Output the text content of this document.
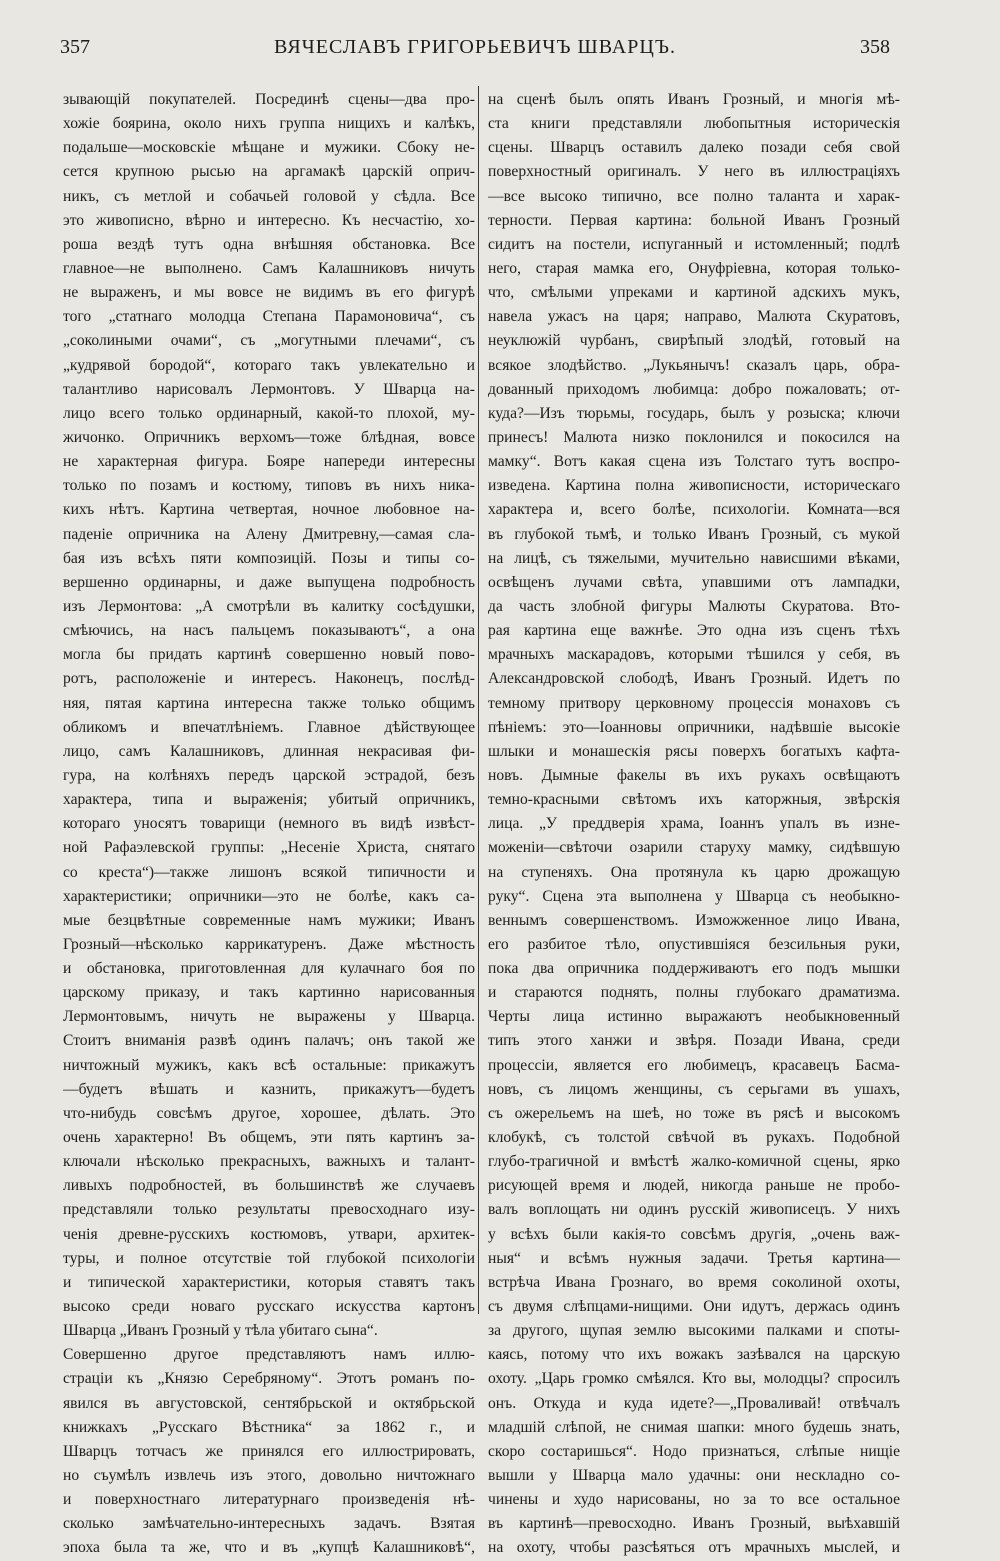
357	ВЯЧЕСЛАВЪ ГРИГОРЬЕВИЧЪ ШВАРЦЪ.	358
зывающій покупателей. Посрединѣ сцены—два про-
хожіе боярина, около нихъ группа нищихъ и калѣкъ,
подальше—московскіе мѣщане и мужики. Сбоку не-
сется крупною рысью на аргамакѣ царскій оприч-
никъ, съ метлой и собачьей головой у сѣдла. Все
это живописно, вѣрно и интересно. Къ несчастію, хо-
роша вездѣ тутъ одна внѣшняя обстановка. Все
главное—не выполнено. Самъ Калашниковъ ничуть
не выраженъ, и мы вовсе не видимъ въ его фигурѣ
того „статнаго молодца Степана Парамоновича“, съ
„соколиными очами“, съ „могутными плечами“, съ
„кудрявой бородой“, котораго такъ увлекательно и
талантливо нарисовалъ Лермонтовъ. У Шварца на-
лицо всего только ординарный, какой-то плохой, му-
жичонко. Опричникъ верхомъ—тоже блѣдная, вовсе
не характерная фигура. Бояре напереди интересны
только по позамъ и костюму, типовъ въ нихъ ника-
кихъ нѣтъ. Картина четвертая, ночное любовное на-
паденіе опричника на Алену Дмитревну,—самая сла-
бая изъ всѣхъ пяти композицій. Позы и типы со-
вершенно ординарны, и даже выпущена подробность
изъ Лермонтова: „А смотрѣли въ калитку сосѣдушки,
смѣючись, на насъ пальцемъ показываютъ“, а она
могла бы придать картинѣ совершенно новый пово-
ротъ, расположеніе и интересъ. Наконецъ, послѣд-
няя, пятая картина интересна также только общимъ
обликомъ и впечатлѣніемъ. Главное дѣйствующее
лицо, самъ Калашниковъ, длинная некрасивая фи-
гура, на колѣняхъ передъ царской эстрадой, безъ
характера, типа и выраженія; убитый опричникъ,
котораго уносятъ товарищи (немного въ видѣ извѣст-
ной Рафаэлевской группы: „Несеніе Христа, снятаго
со креста“)—также лишонъ всякой типичности и
характеристики; опричники—это не болѣе, какъ са-
мые безцвѣтные современные намъ мужики; Иванъ
Грозный—нѣсколько каррикатуренъ. Даже мѣстность
и обстановка, приготовленная для кулачнаго боя по
царскому приказу, и такъ картинно нарисованныя
Лермонтовымъ, ничуть не выражены у Шварца.
Стоитъ вниманія развѣ одинъ палачъ; онъ такой же
ничтожный мужикъ, какъ всѣ остальные: прикажутъ
—будетъ вѣшать и казнить, прикажутъ—будетъ
что-нибудь совсѣмъ другое, хорошее, дѣлать. Это
очень характерно! Въ общемъ, эти пять картинъ за-
ключали нѣсколько прекрасныхъ, важныхъ и талант-
ливыхъ подробностей, въ большинствѣ же случаевъ
представляли только результаты превосходнаго изу-
ченія древне-русскихъ костюмовъ, утвари, архитек-
туры, и полное отсутствіе той глубокой психологіи
и типической характеристики, которыя ставятъ такъ
высоко среди новаго русскаго искусства картонъ
Шварца „Иванъ Грозный у тѣла убитаго сына“.
Совершенно другое представляютъ намъ иллю-
страціи къ „Князю Серебряному“. Этотъ романъ по-
явился въ августовской, сентябрьской и октябрьской
книжкахъ „Русскаго Вѣстника“ за 1862 г., и
Шварцъ тотчасъ же принялся его иллюстрировать,
но съумѣлъ извлечь изъ этого, довольно ничтожнаго
и поверхностнаго литературнаго произведенія нѣ-
сколько замѣчательно-интересныхъ задачъ. Взятая
эпоха была та же, что и въ „купцѣ Калашниковѣ“,
на сценѣ былъ опять Иванъ Грозный, и многія мѣ-
ста книги представляли любопытныя историческія
сцены. Шварцъ оставилъ далеко позади себя свой
поверхностный оригиналъ. У него въ иллюстраціяхъ
—все высоко типично, все полно таланта и харак-
терности. Первая картина: больной Иванъ Грозный
сидитъ на постели, испуганный и истомленный; подлѣ
него, старая мамка его, Онуфріевна, которая только-
что, смѣлыми упреками и картиной адскихъ мукъ,
навела ужасъ на царя; направо, Малюта Скуратовъ,
неуклюжій чурбанъ, свирѣпый злодѣй, готовый на
всякое злодѣйство. „Лукьянычъ! сказалъ царь, обра-
дованный приходомъ любимца: добро пожаловать; от-
куда?—Изъ тюрьмы, государь, былъ у розыска; ключи
принесъ! Малюта низко поклонился и покосился на
мамку“. Вотъ какая сцена изъ Толстаго тутъ воспро-
изведена. Картина полна живописности, историческаго
характера и, всего болѣе, психологіи. Комната—вся
въ глубокой тьмѣ, и только Иванъ Грозный, съ мукой
на лицѣ, съ тяжелыми, мучительно нависшими вѣками,
освѣщенъ лучами свѣта, упавшими отъ лампадки,
да часть злобной фигуры Малюты Скуратова. Вто-
рая картина еще важнѣе. Это одна изъ сценъ тѣхъ
мрачныхъ маскарадовъ, которыми тѣшился у себя, въ
Александровской слободѣ, Иванъ Грозный. Идетъ по
темному притвору церковному процессія монаховъ съ
пѣніемъ: это—Іоанновы опричники, надѣвшіе высокіе
шлыки и монашескія рясы поверхъ богатыхъ кафта-
новъ. Дымные факелы въ ихъ рукахъ освѣщаютъ
темно-красными свѣтомъ ихъ каторжныя, звѣрскія
лица. „У преддверія храма, Іоаннъ упалъ въ изне-
моженіи—свѣточи озарили старуху мамку, сидѣвшую
на ступеняхъ. Она протянула къ царю дрожащую
руку“. Сцена эта выполнена у Шварца съ необыкно-
веннымъ совершенствомъ. Изможженное лицо Ивана,
его разбитое тѣло, опустившіяся безсильныя руки,
пока два опричника поддерживаютъ его подъ мышки
и стараются поднять, полны глубокаго драматизма.
Черты лица истинно выражаютъ необыкновенный
типъ этого ханжи и звѣря. Позади Ивана, среди
процессіи, является его любимецъ, красавецъ Басма-
новъ, съ лицомъ женщины, съ серьгами въ ушахъ,
съ ожерельемъ на шеѣ, но тоже въ рясѣ и высокомъ
клобукѣ, съ толстой свѣчой въ рукахъ. Подобной
глубо-трагичной и вмѣстѣ жалко-комичной сцены, ярко
рисующей время и людей, никогда раньше не пробо-
валъ воплощать ни одинъ русскій живописецъ. У нихъ
у всѣхъ были какія-то совсѣмъ другія, „очень важ-
ныя“ и всѣмъ нужныя задачи. Третья картина—
встрѣча Ивана Грознаго, во время соколиной охоты,
съ двумя слѣпцами-нищими. Они идутъ, держась одинъ
за другого, щупая землю высокими палками и споты-
каясь, потому что ихъ вожакъ зазѣвался на царскую
охоту. „Царь громко смѣялся. Кто вы, молодцы? спросилъ
онъ. Откуда и куда идете?—„Проваливай! отвѣчалъ
младшій слѣпой, не снимая шапки: много будешь знать,
скоро состаришься“. Нодо признаться, слѣпые нищіе
вышли у Шварца мало удачны: они нескладно со-
чинены и худо нарисованы, но за то все остальное
въ картинѣ—превосходно. Иванъ Грозный, выѣхавшій
на охоту, чтобы разсѣяться отъ мрачныхъ мыслей, и
